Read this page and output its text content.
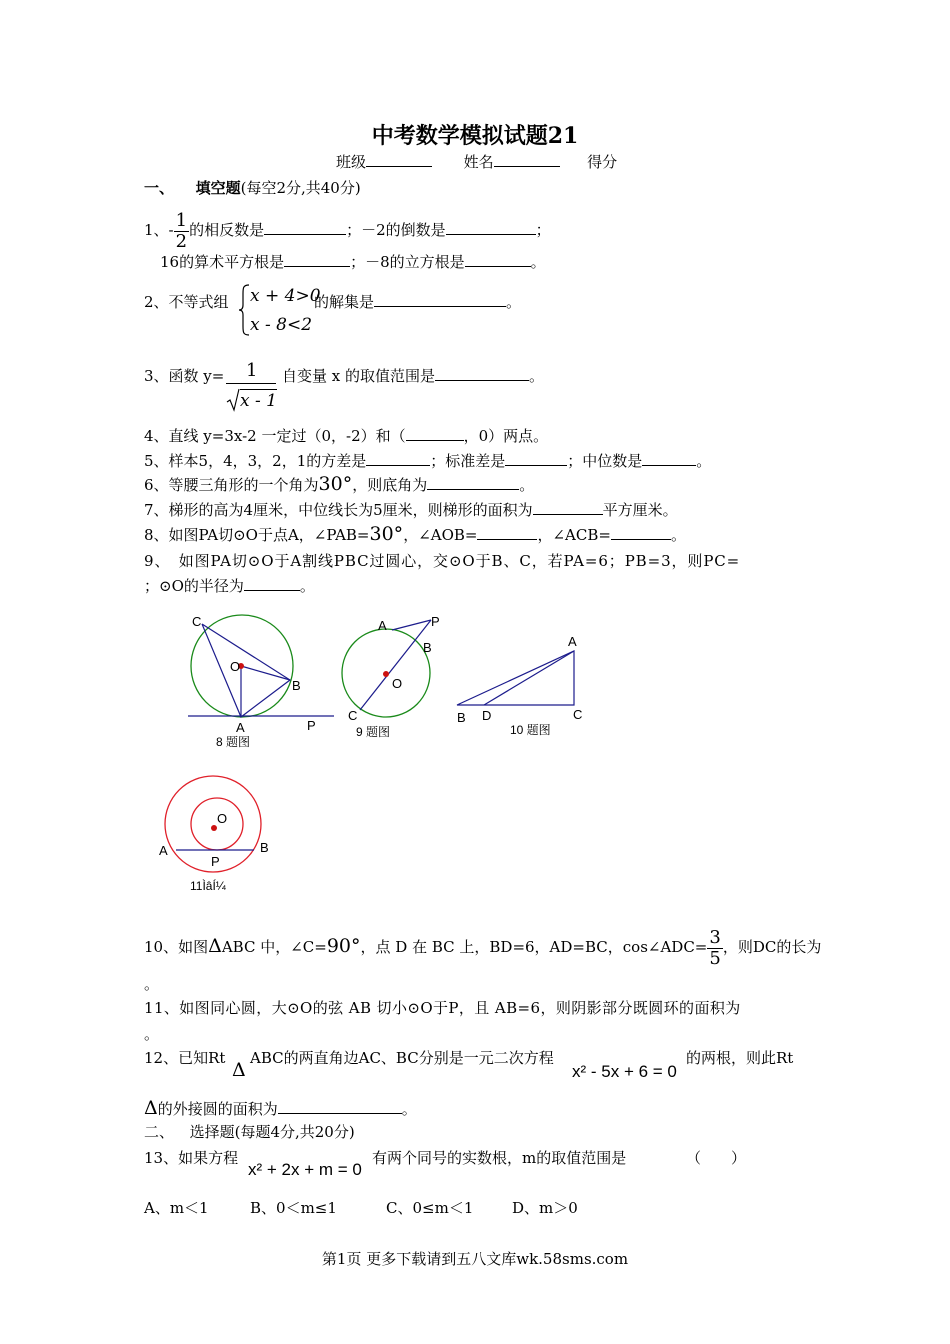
中考数学模拟试题21
班级	姓名	得分
一、 填空题(每空2分,共40分)
1、- $\frac{1}{2}$ 的相反数是	；－2的倒数是	；
16的算术平方根是	；－8的立方根是	。
2、不等式组 x + 4>0
x - 8<2
的解集是	。
3、函数 y= 1
x - 1
自变量 x 的取值范围是	。
4、直线 y=3x-2 一定过（0，-2）和（	，0）两点。
5、样本5，4，3，2，1的方差是	；标准差是	；中位数是	。
6、等腰三角形的一个角为30°，则底角为	。
7、梯形的高为4厘米，中位线长为5厘米，则梯形的面积为	平方厘米。
8、如图PA切⊙O于点A，∠PAB=30°，∠AOB=	，∠ACB=	。
9、　如图PA切⊙O于A割线PBC过圆心，交⊙O于B、C，若PA=6；PB=3，则PC=
；⊙O的半径为	。
C
O
B
A	P
8 题图
A	P
B
O
C
9 题图
A
B D	C
10 题图
O
A	B
P
11ÌâÍ¼
10、如图ΔABC 中，∠C=90°，点 D 在 BC 上，BD=6，AD=BC，cos∠ADC= $\frac{3}{5}$ ，则DC的长为
。
11、如图同心圆，大⊙O的弦 AB 切小⊙O于P，且 AB=6，则阴影部分既圆环的面积为
。
12、已知Rt
Δ
ABC的两直角边AC、BC分别是一元二次方程
x² - 5x + 6 = 0
的两根，则此Rt
Δ的外接圆的面积为	。
二、 选择题(每题4分,共20分)
13、如果方程
x² + 2x + m = 0
有两个同号的实数根，m的取值范围是	（　　）
A、m＜1	B、0＜m≤1	C、0≤m＜1	D、m＞0
第1页 更多下载请到五八文库wk.58sms.com
